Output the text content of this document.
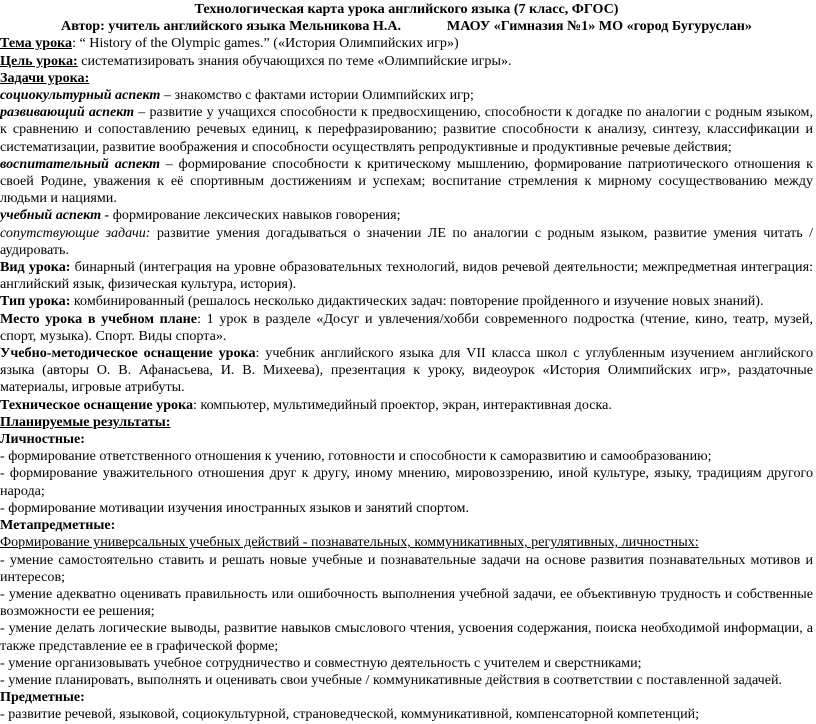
Технологическая карта урока английского языка (7 класс, ФГОС)
Автор: учитель английского языка Мельникова Н.А.	МАОУ «Гимназия №1» МО «город Бугуруслан»

Тема урока: “ History of the Olympic games.” («История Олимпийских игр»)

Цель урока: систематизировать знания обучающихся по теме «Олимпийские игры».

Задачи урока:

социокультурный аспект – знакомство с фактами истории Олимпийских игр;

развивающий аспект – развитие у учащихся способности к предвосхищению, способности к догадке по аналогии с родным языком, к сравнению и сопоставлению речевых единиц, к перефразированию; развитие способности к анализу, синтезу, классификации и систематизации, развитие воображения и способности осуществлять репродуктивные и продуктивные речевые действия;

воспитательный аспект – формирование способности к критическому мышлению, формирование патриотического отношения к своей Родине, уважения к её спортивным достижениям и успехам; воспитание стремления к мирному сосуществованию между людьми и нациями.

учебный аспект - формирование лексических навыков говорения;

сопутствующие задачи: развитие умения догадываться о значении ЛЕ по аналогии с родным языком, развитие умения читать / аудировать.

Вид урока: бинарный (интеграция на уровне образовательных технологий, видов речевой деятельности; межпредметная интеграция: английский язык, физическая культура, история).

Тип урока: комбинированный (решалось несколько дидактических задач: повторение пройденного и изучение новых знаний).

Место урока в учебном плане: 1 урок в разделе «Досуг и увлечения/хобби современного подростка (чтение, кино, театр, музей, спорт, музыка). Спорт. Виды спорта».

Учебно-методическое оснащение урока: учебник английского языка для VII класса школ с углубленным изучением английского языка (авторы О. В. Афанасьева, И. В. Михеева), презентация к уроку, видеоурок «История Олимпийских игр», раздаточные материалы, игровые атрибуты.

Техническое оснащение урока: компьютер, мультимедийный проектор, экран, интерактивная доска.

Планируемые результаты:

Личностные:

- формирование ответственного отношения к учению, готовности и способности к саморазвитию и самообразованию;

- формирование уважительного отношения друг к другу, иному мнению, мировоззрению, иной культуре, языку, традициям другого народа;

- формирование мотивации изучения иностранных языков и занятий спортом.

Метапредметные:

Формирование универсальных учебных действий - познавательных, коммуникативных, регулятивных, личностных:

- умение самостоятельно ставить и решать новые учебные и познавательные задачи на основе развития познавательных мотивов и интересов;

- умение адекватно оценивать правильность или ошибочность выполнения учебной задачи, ее объективную трудность и собственные возможности ее решения;

- умение делать логические выводы, развитие навыков смыслового чтения, усвоения содержания, поиска необходимой информации, а также представление ее в графической форме;

- умение организовывать учебное сотрудничество и совместную деятельность с учителем и сверстниками;

- умение планировать, выполнять и оценивать свои учебные / коммуникативные действия в соответствии с поставленной задачей.

Предметные:

- развитие речевой, языковой, социокультурной, страноведческой, коммуникативной, компенсаторной компетенций;
